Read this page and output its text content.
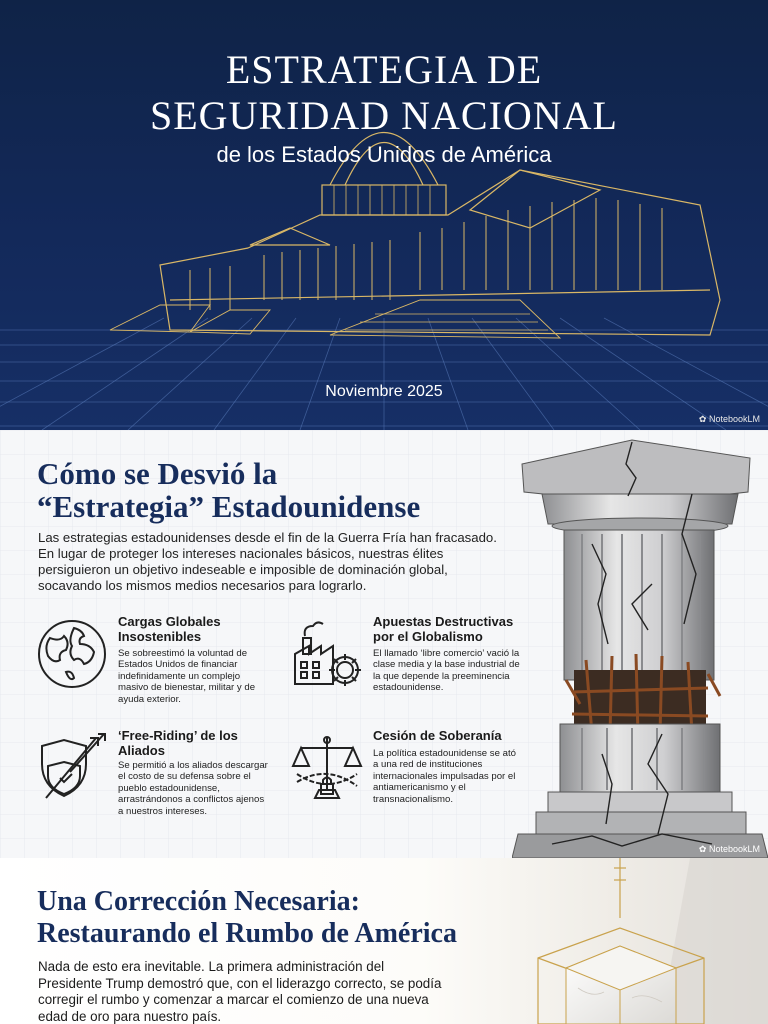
ESTRATEGIA DE
SEGURIDAD NACIONAL
de los Estados Unidos de América
Noviembre 2025
✿ NotebookLM
Cómo se Desvió la
“Estrategia” Estadounidense

Las estrategias estadounidenses desde el fin de la Guerra Fría han fracasado. En lugar de proteger los intereses nacionales básicos, nuestras élites persiguieron un objetivo indeseable e imposible de dominación global, socavando los mismos medios necesarios para lograrlo.

Cargas Globales Insostenibles
Se sobreestimó la voluntad de Estados Unidos de financiar indefinidamente un complejo masivo de bienestar, militar y de ayuda exterior.
Apuestas Destructivas por el Globalismo
El llamado ‘libre comercio’ vació la clase media y la base industrial de la que depende la preeminencia estadounidense.
‘Free-Riding’ de los Aliados
Se permitió a los aliados descargar el costo de su defensa sobre el pueblo estadounidense, arrastrándonos a conflictos ajenos a nuestros intereses.
Cesión de Soberanía
La política estadounidense se ató a una red de instituciones internacionales impulsadas por el antiamericanismo y el transnacionalismo.
✿ NotebookLM
Una Corrección Necesaria:
Restaurando el Rumbo de América

Nada de esto era inevitable. La primera administración del Presidente Trump demostró que, con el liderazgo correcto, se podía corregir el rumbo y comenzar a marcar el comienzo de una nueva edad de oro para nuestro país.
